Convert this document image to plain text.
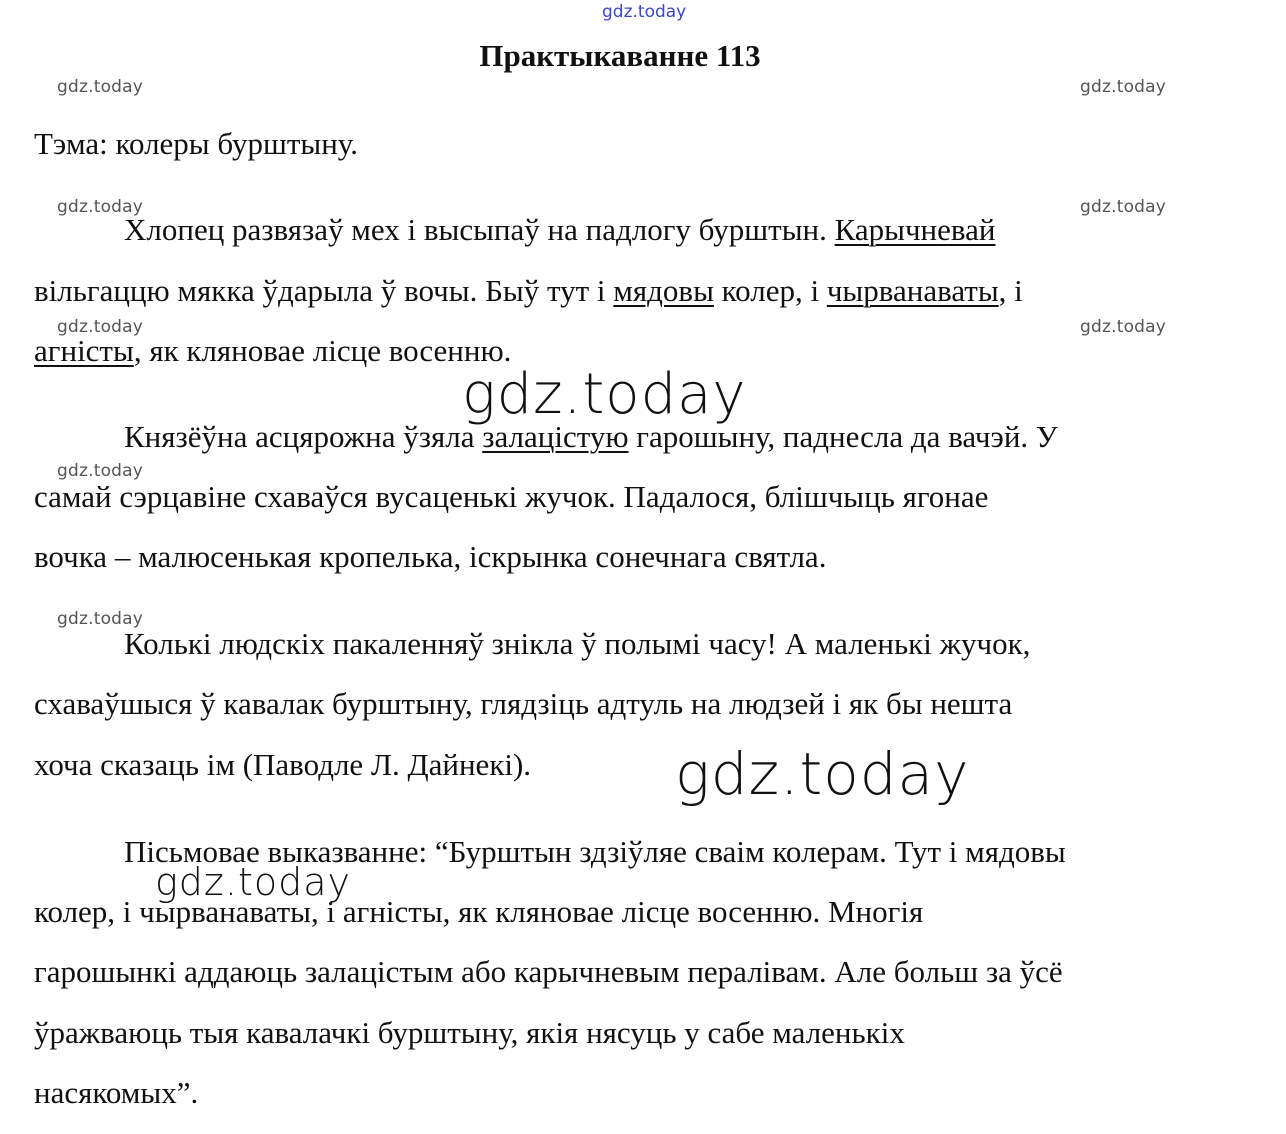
gdz.today
gdz.today	gdz.today
gdz.today	gdz.today
gdz.today	gdz.today
gdz.today
gdz.today
Практыкаванне 113
Тэма: колеры бурштыну.
Хлопец развязаў мех і высыпаў на падлогу бурштын. Карычневай
вільгаццю мякка ўдарыла ў вочы. Быў тут і мядовы колер, і чырванаваты, і
агністы, як кляновае лісце восенню.
Князёўна асцярожна ўзяла залацістую гарошыну, паднесла да вачэй. У
самай сэрцавіне схаваўся вусаценькі жучок. Падалося, блішчыць ягонае
вочка – малюсенькая кропелька, іскрынка сонечнага святла.
Колькі людскіх пакаленняў знікла ў полымі часу! А маленькі жучок,
схаваўшыся ў кавалак бурштыну, глядзіць адтуль на людзей і як бы нешта
хоча сказаць ім (Паводле Л. Дайнекі).
Пісьмовае выказванне: “Бурштын здзіўляе сваім колерам. Тут і мядовы
колер, і чырванаваты, і агністы, як кляновае лісце восенню. Многія
гарошынкі аддаюць залацістым або карычневым пералівам. Але больш за ўсё
ўражваюць тыя кавалачкі бурштыну, якія нясуць у сабе маленькіх
насякомых”.
gdz.today
gdz.today
gdz.today
